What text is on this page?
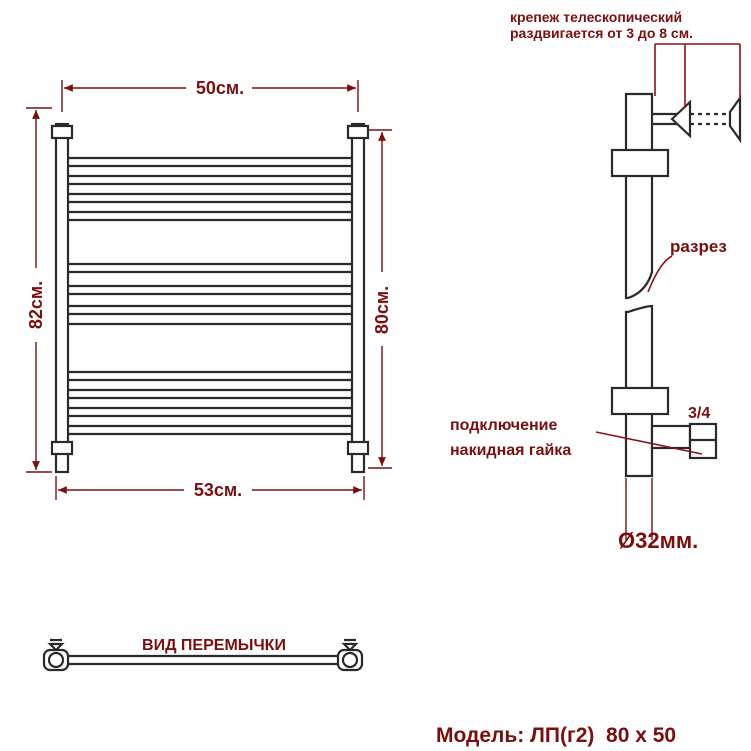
50см.
53см.
82см.	80см.
крепеж телескопический
раздвигается от 3 до 8 см.
разрез
3/4
подключение
накидная гайка
Ø32мм.
ВИД ПЕРЕМЫЧКИ
Модель: ЛП(г2)  80 х 50
